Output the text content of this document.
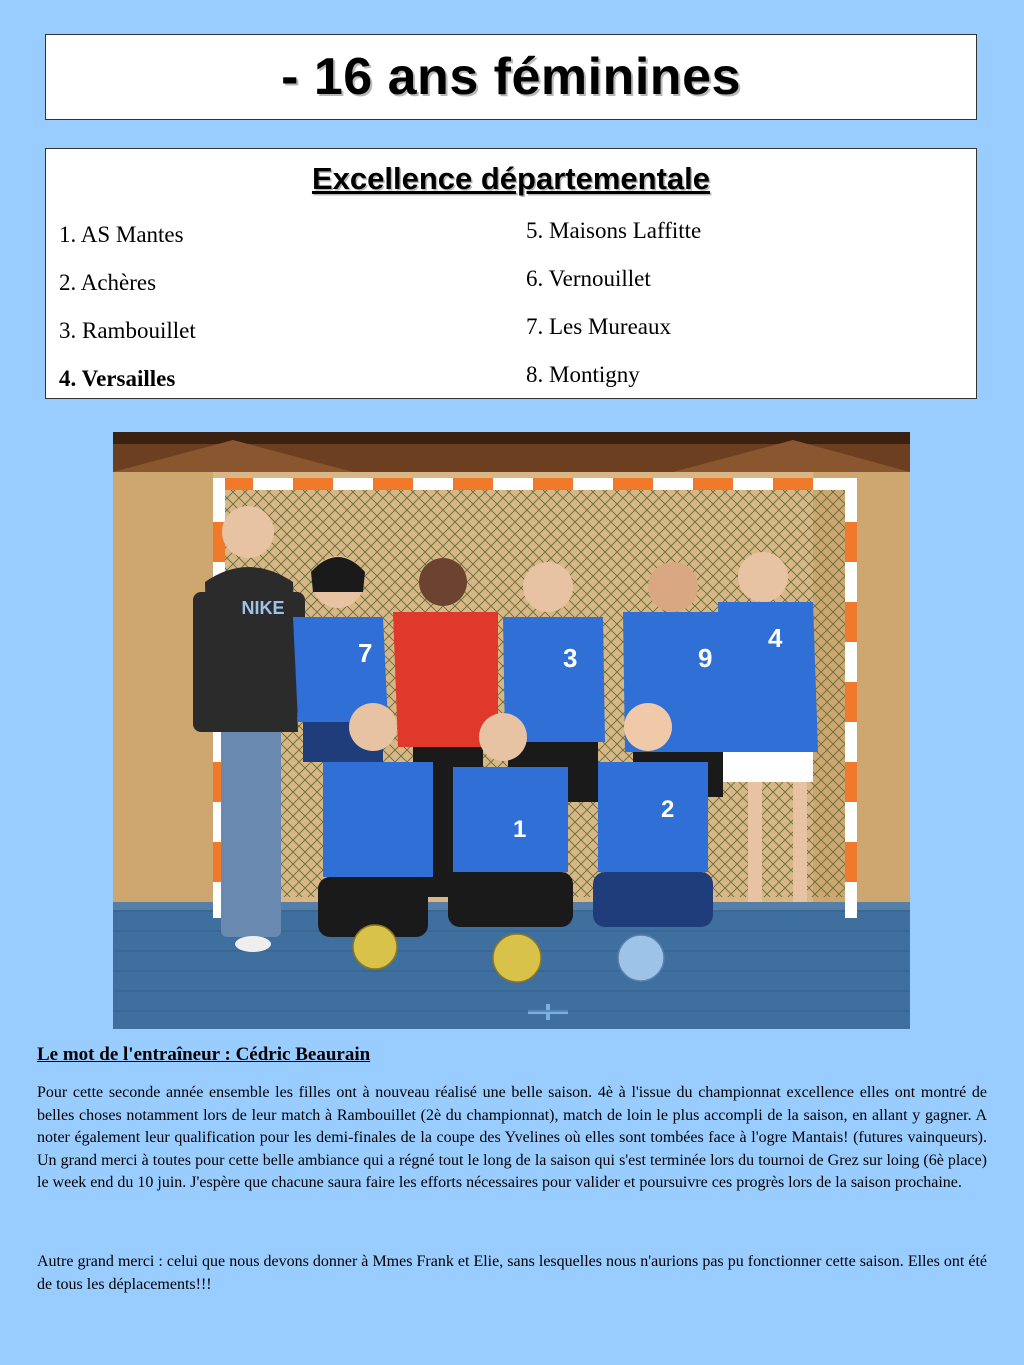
- 16 ans féminines
Excellence départementale
1. AS Mantes
2. Achères
3. Rambouillet
4. Versailles
5. Maisons Laffitte
6. Vernouillet
7. Les Mureaux
8. Montigny
NIKE
7	3	9
4
1
2
Le mot de l'entraîneur : Cédric Beaurain

Pour cette seconde année ensemble les filles ont à nouveau réalisé une belle saison. 4è à l'issue du championnat excellence elles ont montré de belles choses notamment lors de leur match à Rambouillet (2è du championnat), match de loin le plus accompli de la saison, en allant y gagner. A noter également leur qualification pour les demi-finales de la coupe des Yvelines où elles sont tombées face à l'ogre Mantais! (futures vainqueurs). Un grand merci à toutes pour cette belle ambiance qui a régné tout le long de la saison qui s'est terminée lors du tournoi de Grez sur loing (6è place) le week end du 10 juin. J'espère que chacune saura faire les efforts nécessaires pour valider et poursuivre ces progrès lors de la saison prochaine.

Autre grand merci : celui que nous devons donner à Mmes Frank et Elie, sans lesquelles nous n'aurions pas pu fonctionner cette saison. Elles ont été de tous les déplacements!!!
